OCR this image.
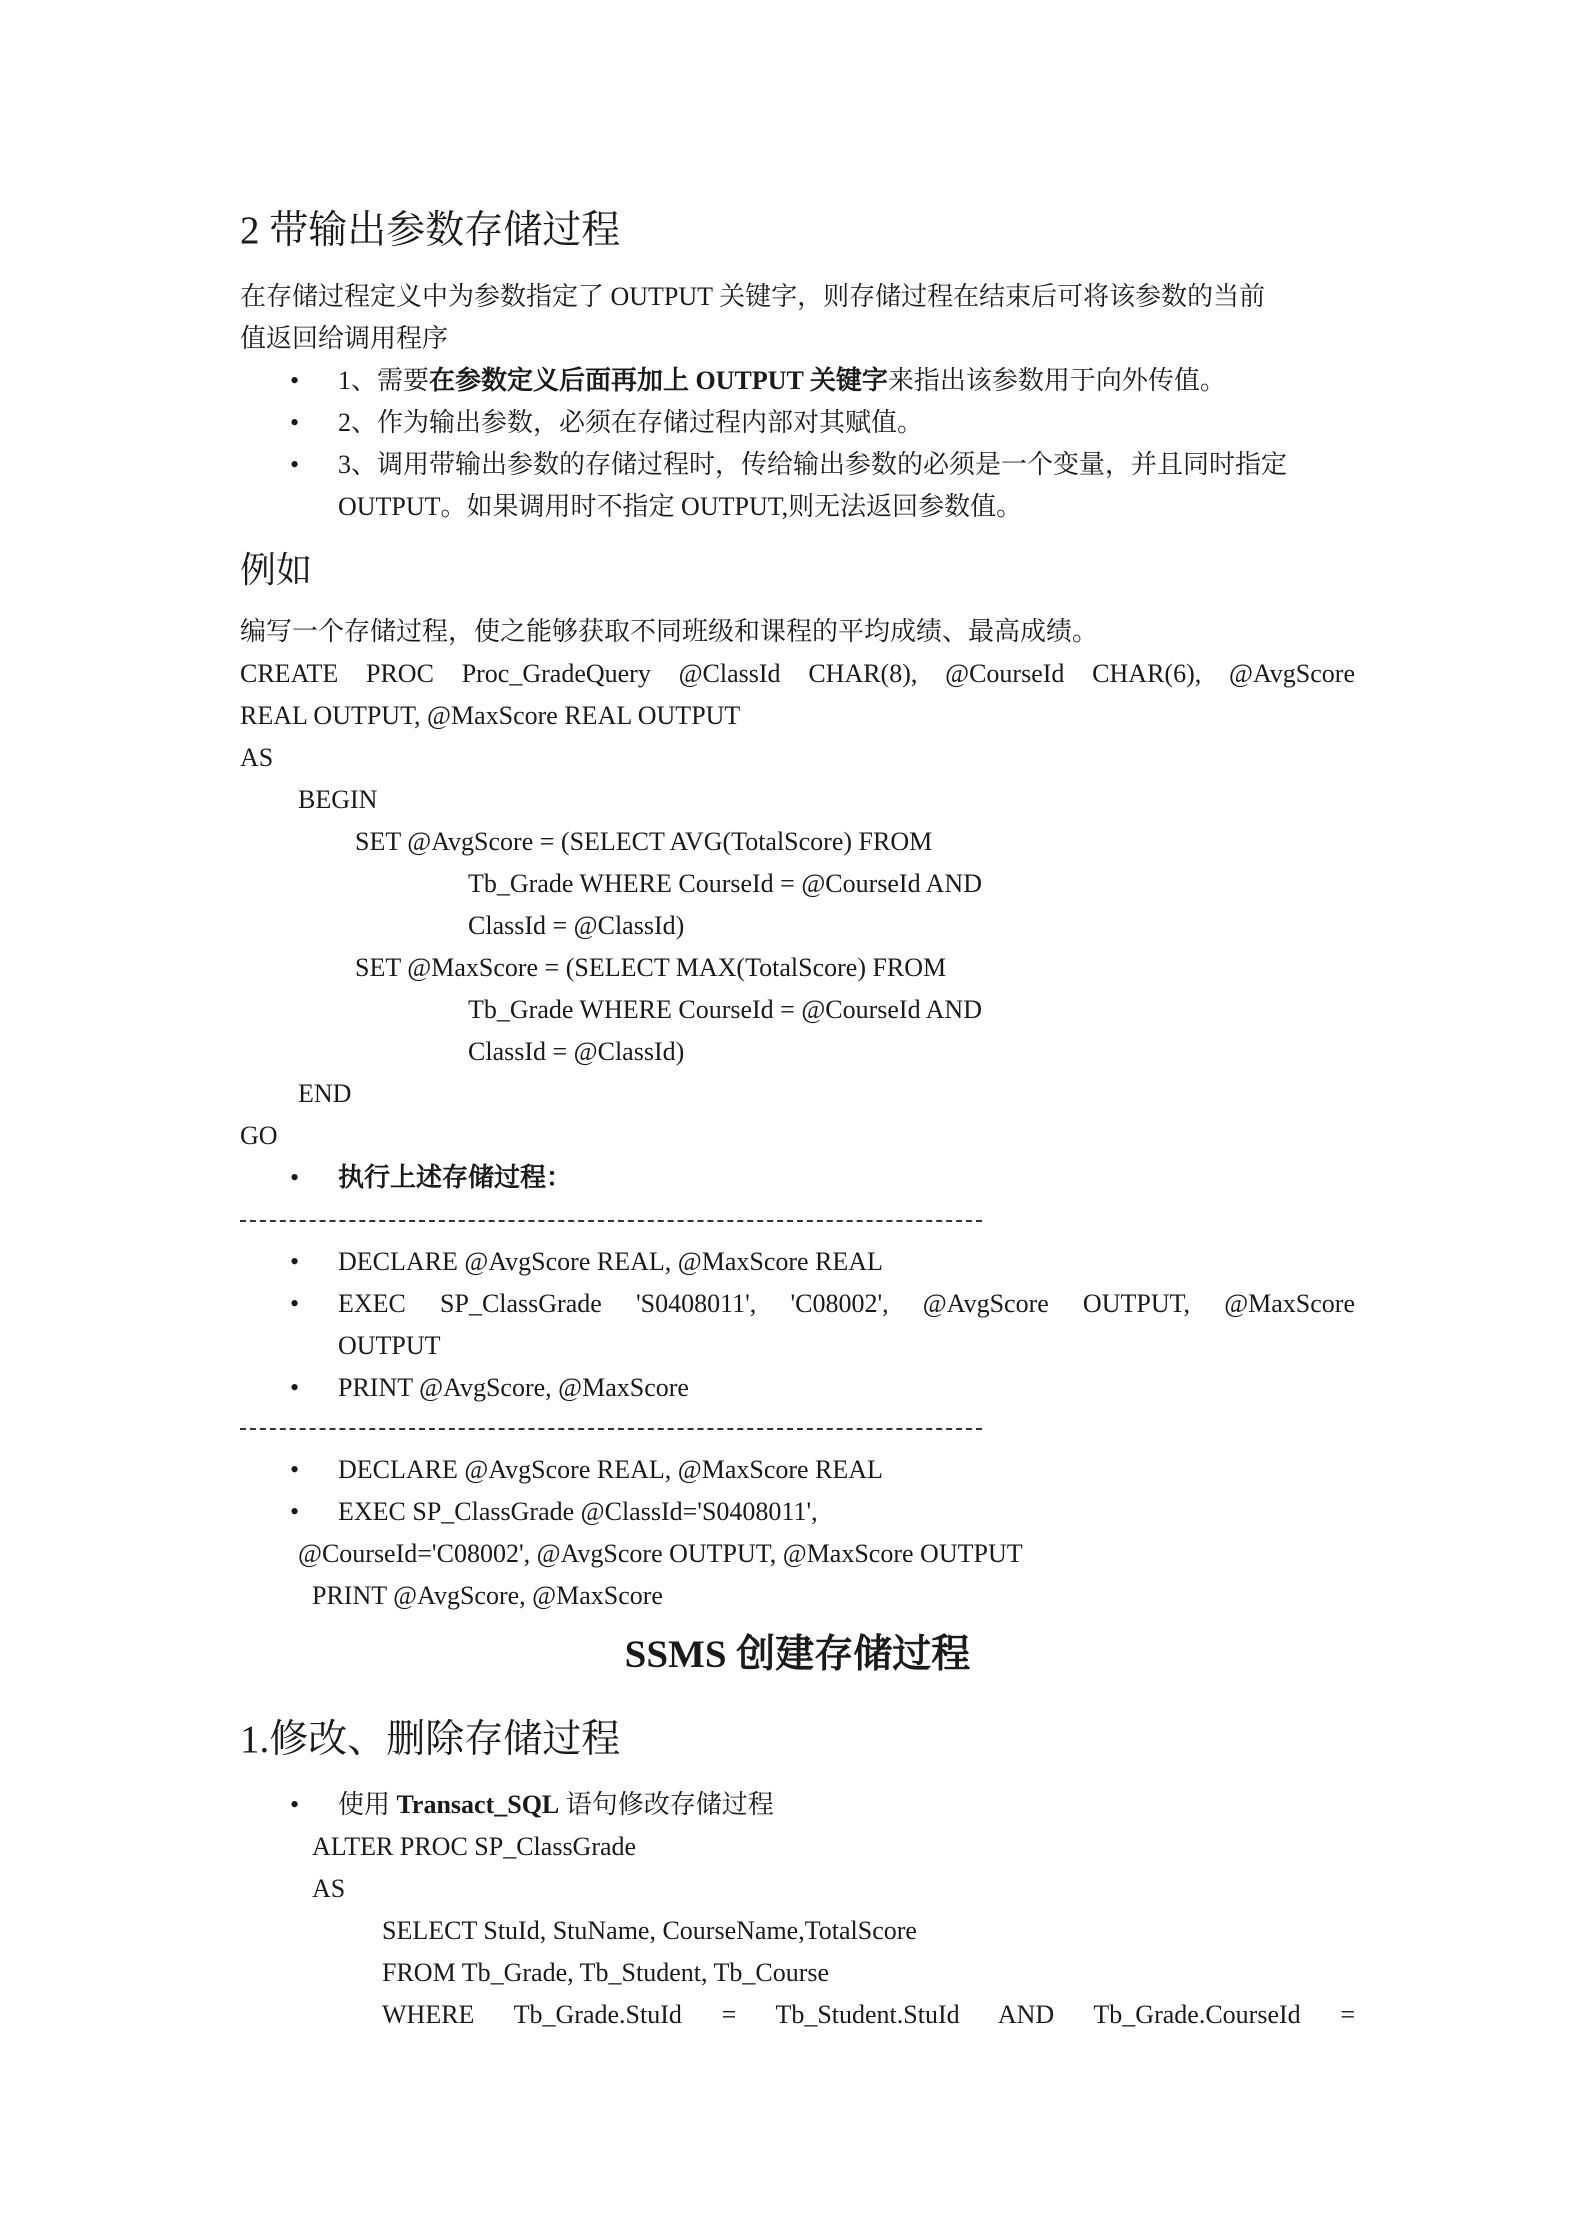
2 带输出参数存储过程
在存储过程定义中为参数指定了 OUTPUT 关键字，则存储过程在结束后可将该参数的当前
值返回给调用程序
• 1、需要在参数定义后面再加上 OUTPUT 关键字来指出该参数用于向外传值。
• 2、作为输出参数，必须在存储过程内部对其赋值。
• 3、调用带输出参数的存储过程时，传给输出参数的必须是一个变量，并且同时指定
OUTPUT。如果调用时不指定 OUTPUT,则无法返回参数值。
例如
编写一个存储过程，使之能够获取不同班级和课程的平均成绩、最高成绩。
CREATE PROC Proc_GradeQuery @ClassId CHAR(8), @CourseId CHAR(6), @AvgScore
REAL OUTPUT, @MaxScore REAL OUTPUT
AS
BEGIN
SET @AvgScore = (SELECT AVG(TotalScore) FROM
Tb_Grade WHERE CourseId = @CourseId AND
ClassId = @ClassId)
SET @MaxScore = (SELECT MAX(TotalScore) FROM
Tb_Grade WHERE CourseId = @CourseId AND
ClassId = @ClassId)
END
GO
• 执行上述存储过程：
• DECLARE @AvgScore REAL, @MaxScore REAL
• EXEC SP_ClassGrade 'S0408011', 'C08002', @AvgScore OUTPUT, @MaxScore
OUTPUT
• PRINT @AvgScore, @MaxScore
• DECLARE @AvgScore REAL, @MaxScore REAL
• EXEC SP_ClassGrade @ClassId='S0408011',
@CourseId='C08002', @AvgScore OUTPUT, @MaxScore OUTPUT
PRINT @AvgScore, @MaxScore
SSMS 创建存储过程
1.修改、删除存储过程
• 使用 Transact_SQL 语句修改存储过程
ALTER PROC SP_ClassGrade
AS
SELECT StuId, StuName, CourseName,TotalScore
FROM Tb_Grade, Tb_Student, Tb_Course
WHERE Tb_Grade.StuId = Tb_Student.StuId AND Tb_Grade.CourseId =
